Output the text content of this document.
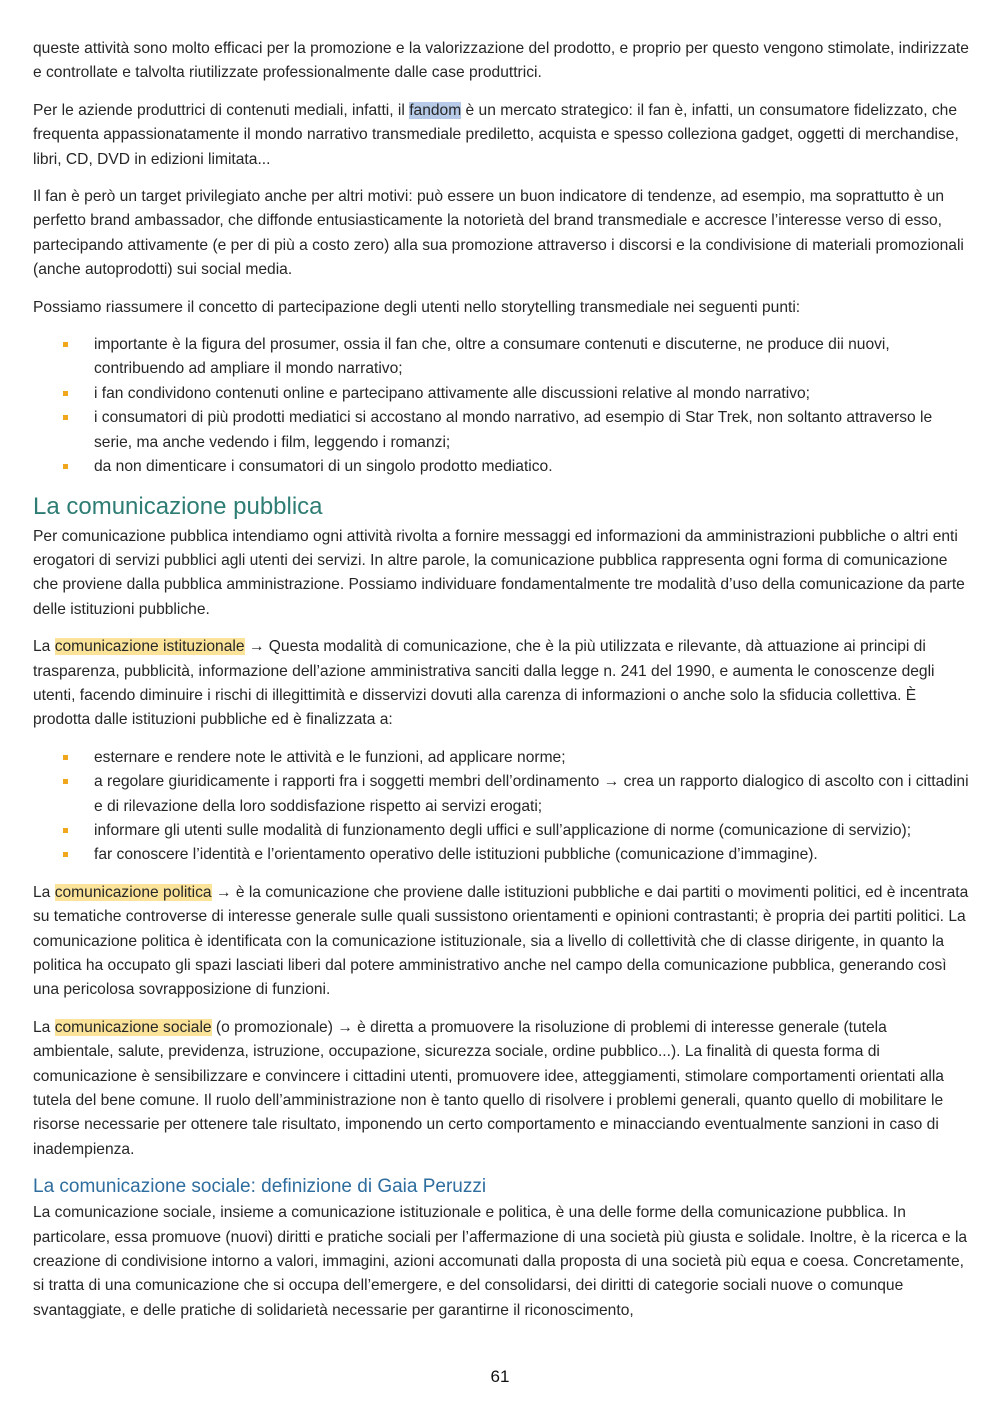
queste attività sono molto efficaci per la promozione e la valorizzazione del prodotto, e proprio per questo vengono stimolate, indirizzate e controllate e talvolta riutilizzate professionalmente dalle case produttrici.

Per le aziende produttrici di contenuti mediali, infatti, il fandom è un mercato strategico: il fan è, infatti, un consumatore fidelizzato, che frequenta appassionatamente il mondo narrativo transmediale prediletto, acquista e spesso colleziona gadget, oggetti di merchandise, libri, CD, DVD in edizioni limitata...

Il fan è però un target privilegiato anche per altri motivi: può essere un buon indicatore di tendenze, ad esempio, ma soprattutto è un perfetto brand ambassador, che diffonde entusiasticamente la notorietà del brand transmediale e accresce l’interesse verso di esso, partecipando attivamente (e per di più a costo zero) alla sua promozione attraverso i discorsi e la condivisione di materiali promozionali (anche autoprodotti) sui social media.

Possiamo riassumere il concetto di partecipazione degli utenti nello storytelling transmediale nei seguenti punti:

importante è la figura del prosumer, ossia il fan che, oltre a consumare contenuti e discuterne, ne produce dii nuovi, contribuendo ad ampliare il mondo narrativo;
i fan condividono contenuti online e partecipano attivamente alle discussioni relative al mondo narrativo;
i consumatori di più prodotti mediatici si accostano al mondo narrativo, ad esempio di Star Trek, non soltanto attraverso le serie, ma anche vedendo i film, leggendo i romanzi;
da non dimenticare i consumatori di un singolo prodotto mediatico.
La comunicazione pubblica

Per comunicazione pubblica intendiamo ogni attività rivolta a fornire messaggi ed informazioni da amministrazioni pubbliche o altri enti erogatori di servizi pubblici agli utenti dei servizi. In altre parole, la comunicazione pubblica rappresenta ogni forma di comunicazione che proviene dalla pubblica amministrazione. Possiamo individuare fondamentalmente tre modalità d’uso della comunicazione da parte delle istituzioni pubbliche.

La comunicazione istituzionale → Questa modalità di comunicazione, che è la più utilizzata e rilevante, dà attuazione ai principi di trasparenza, pubblicità, informazione dell’azione amministrativa sanciti dalla legge n. 241 del 1990, e aumenta le conoscenze degli utenti, facendo diminuire i rischi di illegittimità e disservizi dovuti alla carenza di informazioni o anche solo la sfiducia collettiva. È prodotta dalle istituzioni pubbliche ed è finalizzata a:

esternare e rendere note le attività e le funzioni, ad applicare norme;
a regolare giuridicamente i rapporti fra i soggetti membri dell’ordinamento → crea un rapporto dialogico di ascolto con i cittadini e di rilevazione della loro soddisfazione rispetto ai servizi erogati;
informare gli utenti sulle modalità di funzionamento degli uffici e sull’applicazione di norme (comunicazione di servizio);
far conoscere l’identità e l’orientamento operativo delle istituzioni pubbliche (comunicazione d’immagine).

La comunicazione politica → è la comunicazione che proviene dalle istituzioni pubbliche e dai partiti o movimenti politici, ed è incentrata su tematiche controverse di interesse generale sulle quali sussistono orientamenti e opinioni contrastanti; è propria dei partiti politici. La comunicazione politica è identificata con la comunicazione istituzionale, sia a livello di collettività che di classe dirigente, in quanto la politica ha occupato gli spazi lasciati liberi dal potere amministrativo anche nel campo della comunicazione pubblica, generando così una pericolosa sovrapposizione di funzioni.

La comunicazione sociale (o promozionale) → è diretta a promuovere la risoluzione di problemi di interesse generale (tutela ambientale, salute, previdenza, istruzione, occupazione, sicurezza sociale, ordine pubblico...). La finalità di questa forma di comunicazione è sensibilizzare e convincere i cittadini utenti, promuovere idee, atteggiamenti, stimolare comportamenti orientati alla tutela del bene comune. Il ruolo dell’amministrazione non è tanto quello di risolvere i problemi generali, quanto quello di mobilitare le risorse necessarie per ottenere tale risultato, imponendo un certo comportamento e minacciando eventualmente sanzioni in caso di inadempienza.

La comunicazione sociale: definizione di Gaia Peruzzi

La comunicazione sociale, insieme a comunicazione istituzionale e politica, è una delle forme della comunicazione pubblica. In particolare, essa promuove (nuovi) diritti e pratiche sociali per l’affermazione di una società più giusta e solidale. Inoltre, è la ricerca e la creazione di condivisione intorno a valori, immagini, azioni accomunati dalla proposta di una società più equa e coesa. Concretamente, si tratta di una comunicazione che si occupa dell’emergere, e del consolidarsi, dei diritti di categorie sociali nuove o comunque svantaggiate, e delle pratiche di solidarietà necessarie per garantirne il riconoscimento,

61
